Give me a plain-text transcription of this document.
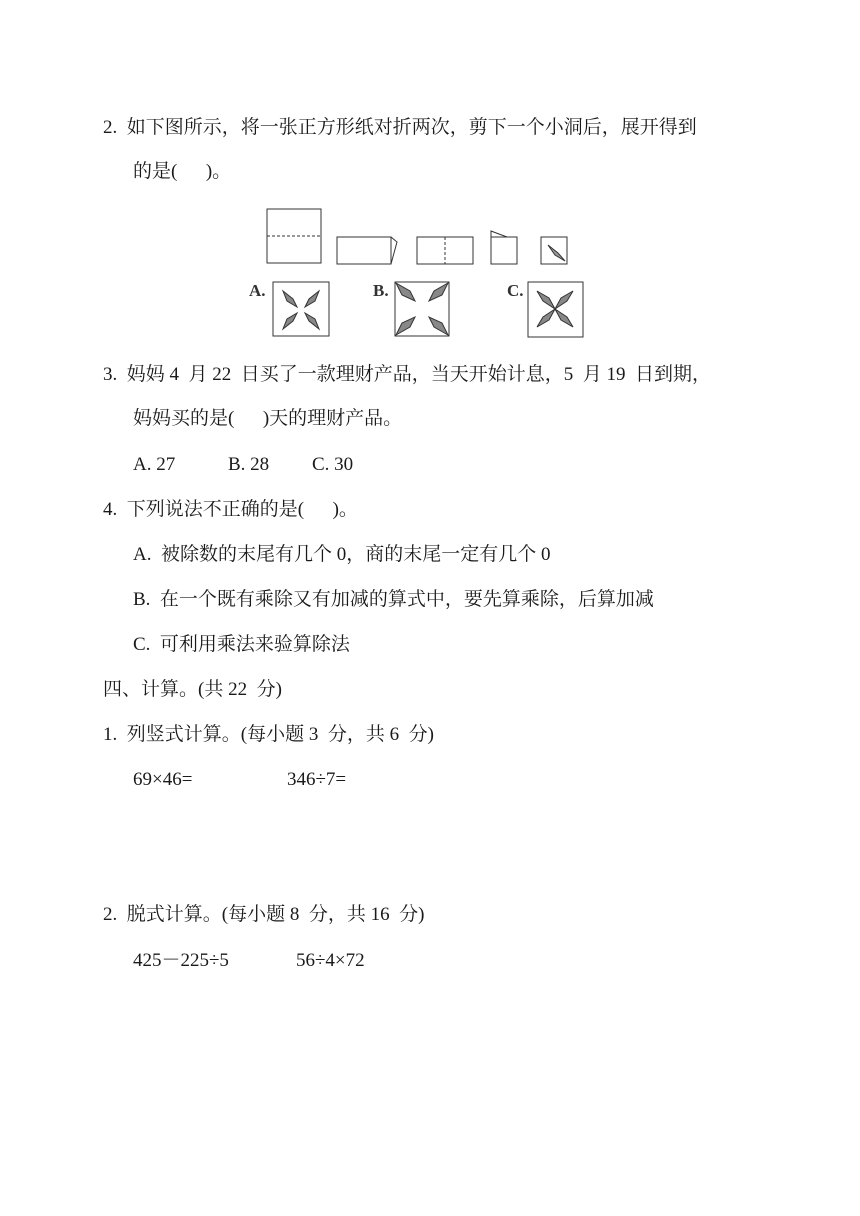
2.  如下图所示，将一张正方形纸对折两次，剪下一个小洞后，展开得到
的是(      )。
A.	B.	C.
3.  妈妈 4  月 22  日买了一款理财产品，当天开始计息，5  月 19  日到期，
妈妈买的是(      )天的理财产品。
A. 27	B. 28 C. 30
4.  下列说法不正确的是(      )。
A.  被除数的末尾有几个 0，商的末尾一定有几个 0
B.  在一个既有乘除又有加减的算式中，要先算乘除，后算加减
C.  可利用乘法来验算除法
四、计算。(共 22  分)
1.  列竖式计算。(每小题 3  分，共 6  分)
69×46=	346÷7=
2.  脱式计算。(每小题 8  分，共 16  分)
425－225÷5	56÷4×72
